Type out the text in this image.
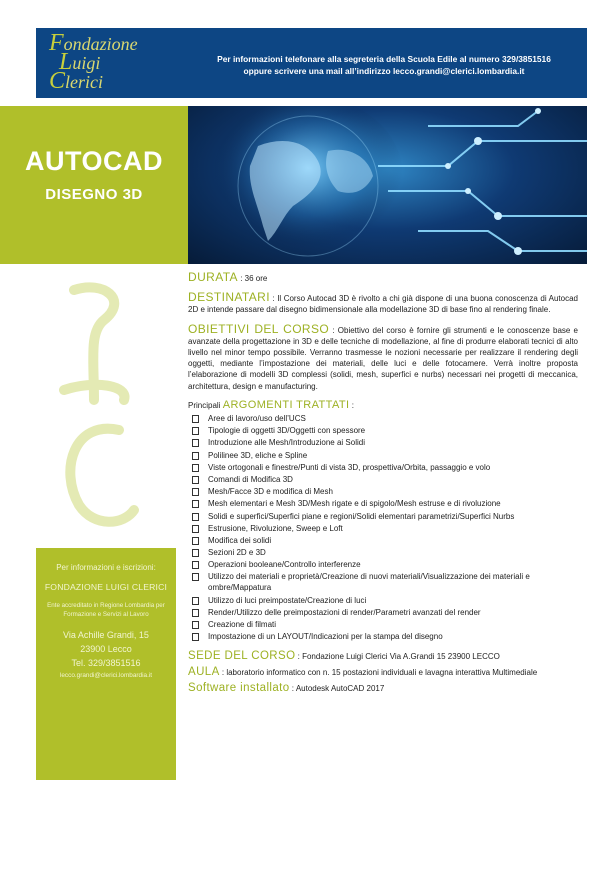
Fondazione
Luigi
Clerici
Per informazioni telefonare alla segreteria della Scuola Edile al numero 329/3851516
oppure scrivere una mail all’indirizzo lecco.grandi@clerici.lombardia.it
AUTOCAD
DISEGNO 3D
Per informazioni e iscrizioni:
FONDAZIONE LUIGI CLERICI
Ente accreditato in Regione Lombardia per Formazione e Servizi al Lavoro
Via Achille Grandi, 15
23900 Lecco
Tel. 329/3851516
lecco.grandi@clerici.lombardia.it
DURATA : 36 ore
DESTINATARI : Il Corso Autocad 3D è rivolto a chi già dispone di una buona conoscenza di Autocad 2D e intende passare dal disegno bidimensionale alla modellazione 3D di base fino al rendering finale.
OBIETTIVI DEL CORSO : Obiettivo del corso è fornire gli strumenti e le conoscenze base e avanzate della progettazione in 3D e delle tecniche di modellazione, al fine di produrre elaborati tecnici di alto livello nel minor tempo possibile. Verranno trasmesse le nozioni necessarie per realizzare il rendering degli oggetti, mediante l’impostazione dei materiali, delle luci e delle fotocamere. Verrà inoltre proposta l’elaborazione di modelli 3D complessi (solidi, mesh, superfici e nurbs) necessari nei progetti di meccanica, architettura, design e manufacturing.
Principali ARGOMENTI TRATTATI :
Aree di lavoro/uso dell’UCS
Tipologie di oggetti 3D/Oggetti con spessore
Introduzione alle Mesh/Introduzione ai Solidi
Polilinee 3D, eliche e Spline
Viste ortogonali e finestre/Punti di vista 3D, prospettiva/Orbita, passaggio e volo
Comandi di Modifica 3D
Mesh/Facce 3D e modifica di Mesh
Mesh elementari e Mesh 3D/Mesh rigate e di spigolo/Mesh estruse e di rivoluzione
Solidi e superfici/Superfici piane e regioni/Solidi elementari parametrizi/Superfici Nurbs
Estrusione, Rivoluzione, Sweep e Loft
Modifica dei solidi
Sezioni 2D e 3D
Operazioni booleane/Controllo interferenze
Utilizzo dei materiali e proprietà/Creazione di nuovi materiali/Visualizzazione dei materiali e ombre/Mappatura
Utilizzo di luci preimpostate/Creazione di luci
Render/Utilizzo delle preimpostazioni di render/Parametri avanzati del render
Creazione di filmati
Impostazione di un LAYOUT/Indicazioni per la stampa del disegno
SEDE DEL CORSO : Fondazione Luigi Clerici Via A.Grandi 15 23900 LECCO
AULA : laboratorio informatico con n. 15 postazioni individuali e lavagna interattiva Multimediale
Software installato : Autodesk AutoCAD 2017
